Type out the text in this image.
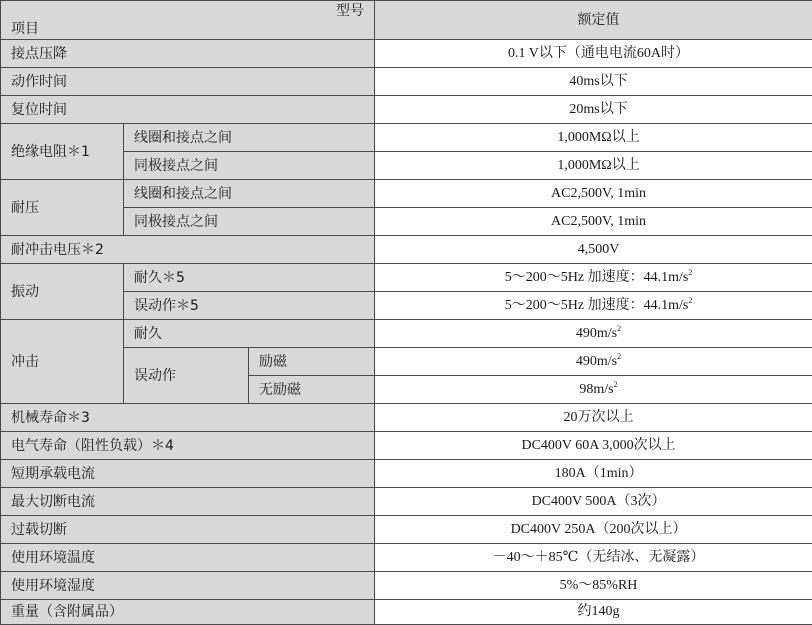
型号
项目			额定值
接点压降			0.1 V以下（通电电流60A时）
动作时间			40ms以下
复位时间			20ms以下
绝缘电阻＊1	线圈和接点之间		1,000MΩ以上
	同极接点之间		1,000MΩ以上
耐压	线圈和接点之间		AC2,500V, 1min
	同极接点之间		AC2,500V, 1min
耐冲击电压＊2			4,500V
振动	耐久＊5		5～200～5Hz 加速度：$44.1m/s^2$
	误动作＊5		5～200～5Hz 加速度：$44.1m/s^2$
冲击	耐久		$490m/s^2$
	误动作	励磁	$490m/s^2$
		无励磁	$98m/s^2$
机械寿命＊3			20万次以上
电气寿命（阻性负载）＊4			DC400V 60A 3,000次以上
短期承载电流			180A（1min）
最大切断电流			DC400V 500A（3次）
过载切断			DC400V 250A（200次以上）
使用环境温度			－40～＋85℃（无结冰、无凝露）
使用环境湿度			5%～85%RH
重量（含附属品）			约140g
